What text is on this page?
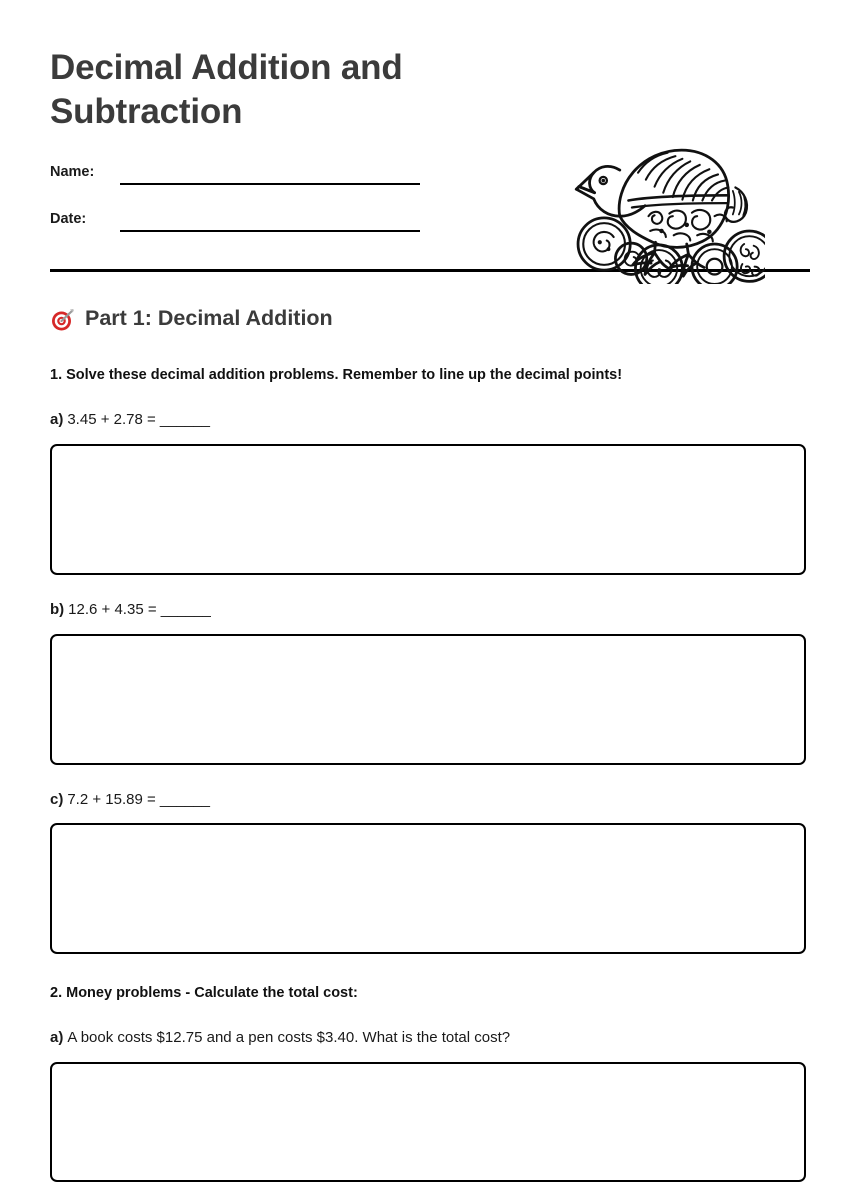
Decimal Addition and Subtraction
Name:
Date:
Part 1: Decimal Addition
1. Solve these decimal addition problems. Remember to line up the decimal points!
a) 3.45 + 2.78 = ______
b) 12.6 + 4.35 = ______
c) 7.2 + 15.89 = ______
2. Money problems - Calculate the total cost:
a) A book costs $12.75 and a pen costs $3.40. What is the total cost?
